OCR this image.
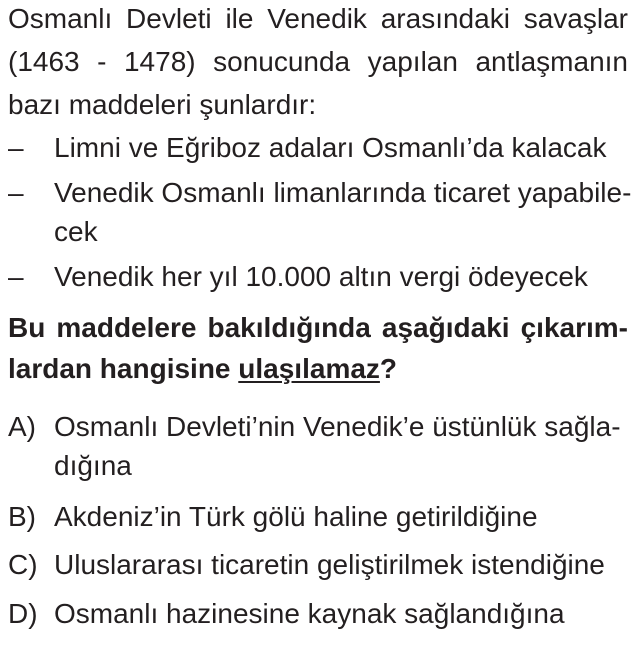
Osmanlı Devleti ile Venedik arasındaki savaşlar
(1463 - 1478) sonucunda yapılan antlaşmanın
bazı maddeleri şunlardır:
– Limni ve Eğriboz adaları Osmanlı’da kalacak
– Venedik Osmanlı limanlarında ticaret yapabile-
cek
– Venedik her yıl 10.000 altın vergi ödeyecek
Bu maddelere bakıldığında aşağıdaki çıkarım-
lardan hangisine ulaşılamaz?
A) Osmanlı Devleti’nin Venedik’e üstünlük sağla-
dığına
B) Akdeniz’in Türk gölü haline getirildiğine
C) Uluslararası ticaretin geliştirilmek istendiğine
D) Osmanlı hazinesine kaynak sağlandığına
